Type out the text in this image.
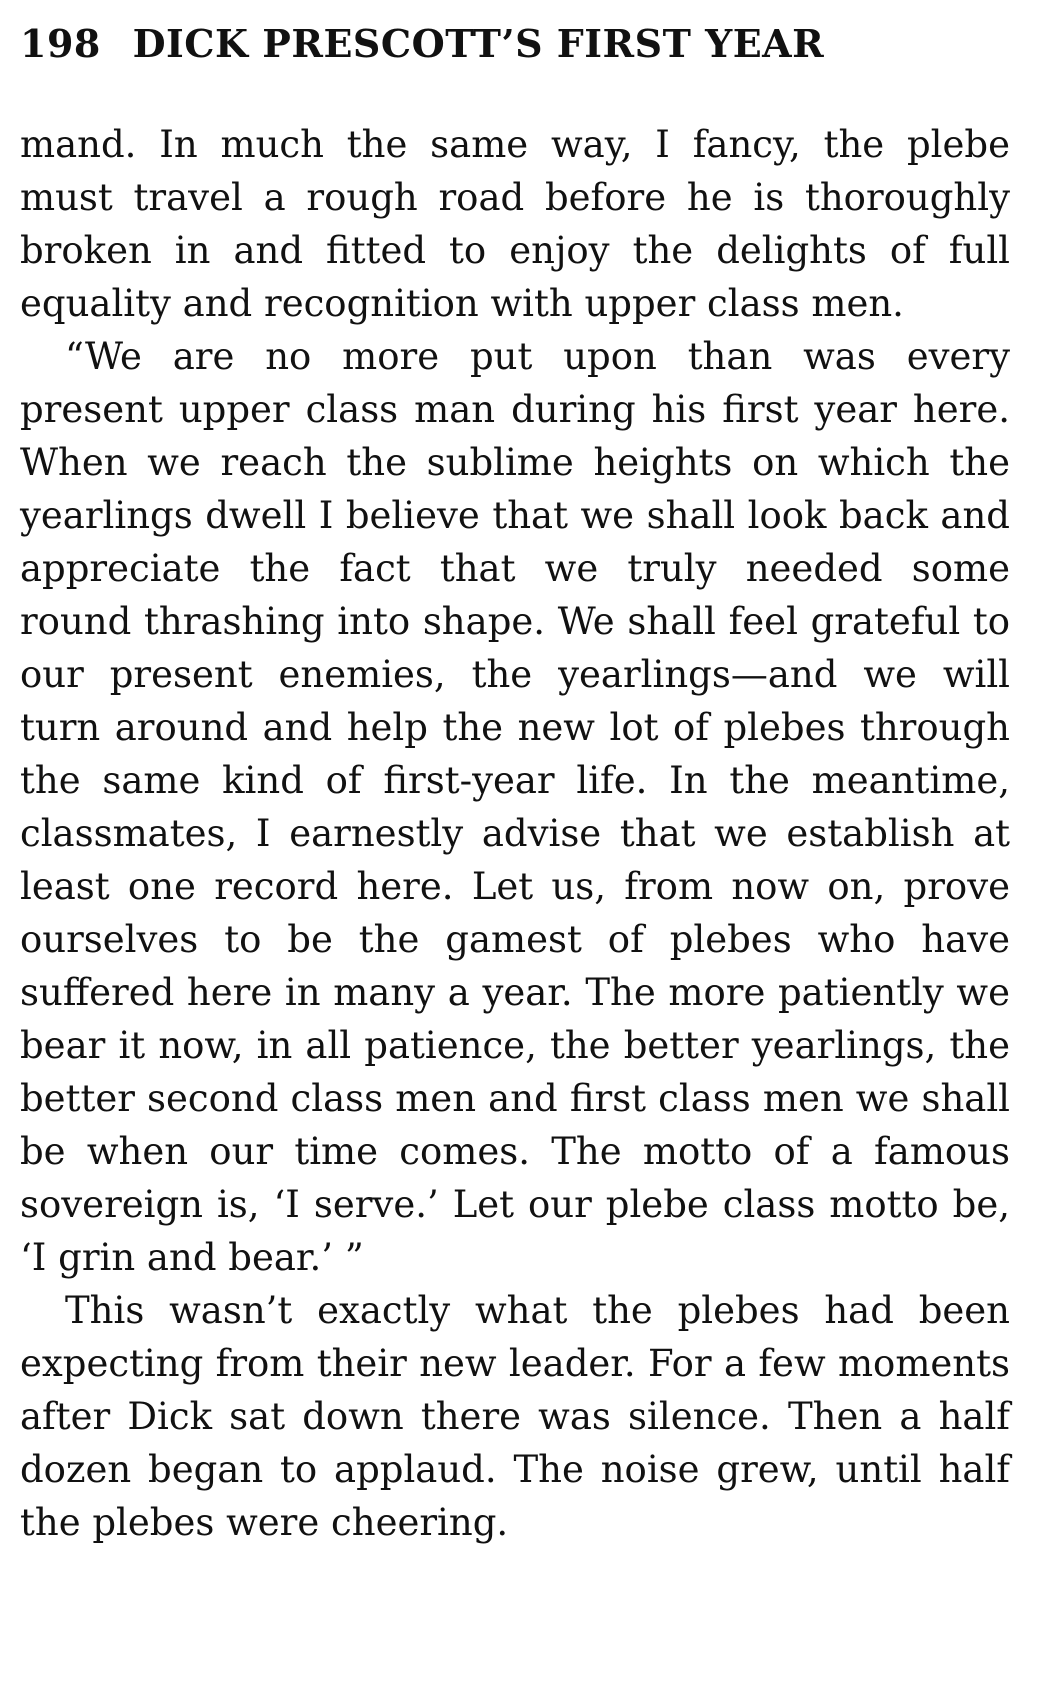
198 DICK PRESCOTT’S FIRST YEAR

mand. In much the same way, I fancy, the plebe must travel a rough road before he is thoroughly broken in and fitted to enjoy the delights of full equality and recognition with upper class men.

“We are no more put upon than was every present upper class man during his first year here. When we reach the sublime heights on which the yearlings dwell I believe that we shall look back and appreciate the fact that we truly needed some round thrashing into shape. We shall feel grateful to our present enemies, the yearlings—and we will turn around and help the new lot of plebes through the same kind of first-year life. In the meantime, classmates, I earnestly advise that we establish at least one record here. Let us, from now on, prove ourselves to be the gamest of plebes who have suffered here in many a year. The more patiently we bear it now, in all patience, the better yearlings, the better second class men and first class men we shall be when our time comes. The motto of a famous sovereign is, ‘I serve.’ Let our plebe class motto be, ‘I grin and bear.’ ”

This wasn’t exactly what the plebes had been expecting from their new leader. For a few moments after Dick sat down there was silence. Then a half dozen began to applaud. The noise grew, until half the plebes were cheering.
